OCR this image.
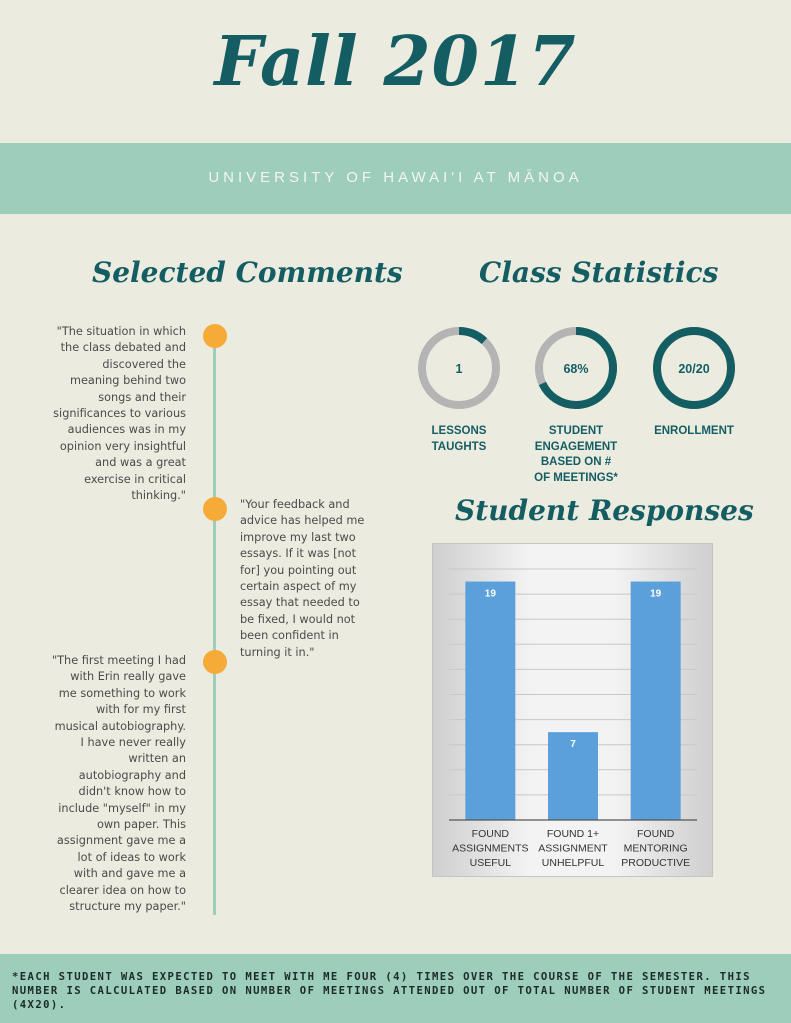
Fall 2017
UNIVERSITY OF HAWAI'I AT MĀNOA
Selected Comments
"The situation in which the class debated and discovered the meaning behind two songs and their significances to various audiences was in my opinion very insightful and was a great exercise in critical thinking."
"Your feedback and advice has helped me improve my last two essays. If it was [not for] you pointing out certain aspect of my essay that needed to be fixed, I would not been confident in turning it in."
"The first meeting I had with Erin really gave me something to work with for my first musical autobiography. I have never really written an autobiography and didn't know how to include "myself" in my own paper. This assignment gave me a lot of ideas to work with and gave me a clearer idea on how to structure my paper."
Class Statistics
1	68%	20/20
LESSONS
TAUGHTS
STUDENT
ENGAGEMENT
BASED ON #
OF MEETINGS*
ENROLLMENT
Student Responses
19
FOUND
ASSIGNMENTS
USEFUL
7
FOUND 1+
ASSIGNMENT
UNHELPFUL
19
FOUND
MENTORING
PRODUCTIVE
*EACH STUDENT WAS EXPECTED TO MEET WITH ME FOUR (4) TIMES OVER THE COURSE OF THE SEMESTER. THIS NUMBER IS CALCULATED BASED ON NUMBER OF MEETINGS ATTENDED OUT OF TOTAL NUMBER OF STUDENT MEETINGS (4X20).
